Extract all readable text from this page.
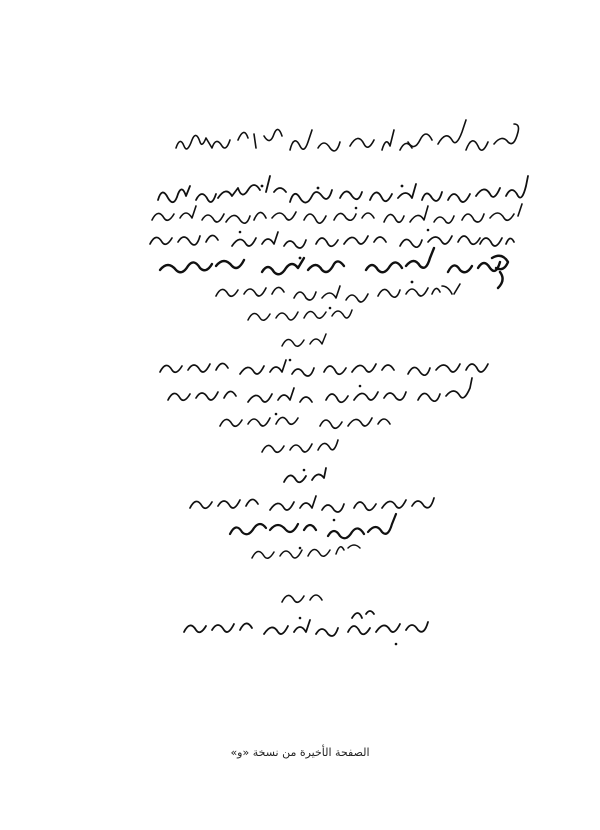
الصفحة الأخيرة من نسخة «و»
